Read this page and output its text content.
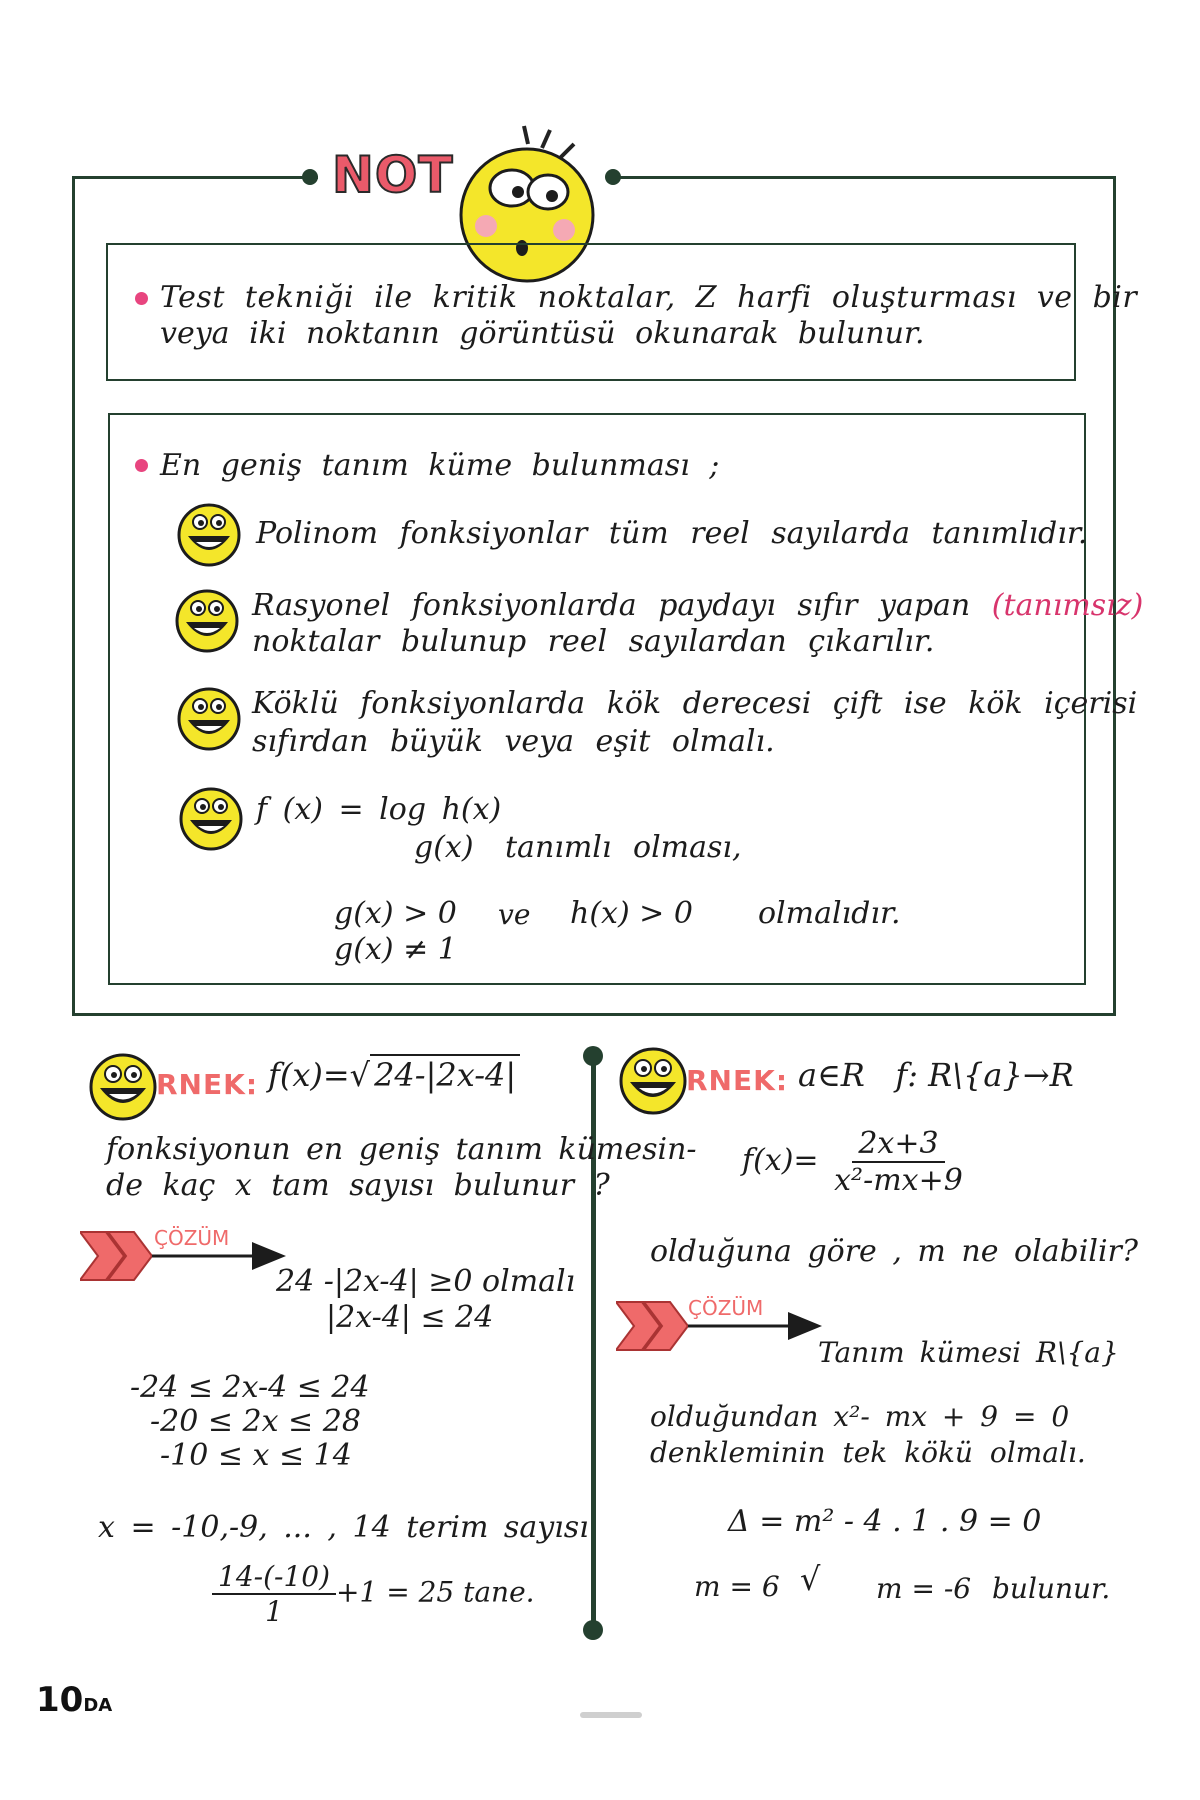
NOT
Test tekniği ile kritik noktalar, Z harfi oluşturması ve bir
veya iki noktanın görüntüsü okunarak bulunur.
En geniş tanım küme bulunması ;
Polinom fonksiyonlar tüm reel sayılarda tanımlıdır.
Rasyonel fonksiyonlarda paydayı sıfır yapan (tanımsız)
noktalar bulunup reel sayılardan çıkarılır.
Köklü fonksiyonlarda kök derecesi çift ise kök içerisi
sıfırdan büyük veya eşit olmalı.
f (x) = log h(x)
g(x) tanımlı olması,
g(x) > 0 ve h(x) > 0 olmalıdır.
g(x) ≠ 1
RNEK: f(x)=√ 24-|2x-4|
fonksiyonun en geniş tanım kümesin-
de kaç x tam sayısı bulunur ?
ÇÖZÜM
24 -|2x-4| ≥0 olmalı
|2x-4| ≤ 24
-24 ≤ 2x-4 ≤ 24
-20 ≤ 2x ≤ 28
-10 ≤ x ≤ 14
x = -10,-9, ... , 14 terim sayısı
$\frac{14-(-10)}{1} +1 = 25$ tane.
RNEK: a∈R   f: R\{a}→R
$f(x)= \frac{2x+3}{\text{x²-mx+9}}$
olduğuna göre , m ne olabilir?
ÇÖZÜM
Tanım kümesi R\{a}
olduğundan x²- mx + 9 = 0
denkleminin tek kökü olmalı.
Δ = m² - 4 . 1 . 9 = 0
m = 6 √ m = -6 bulunur.
10DA
